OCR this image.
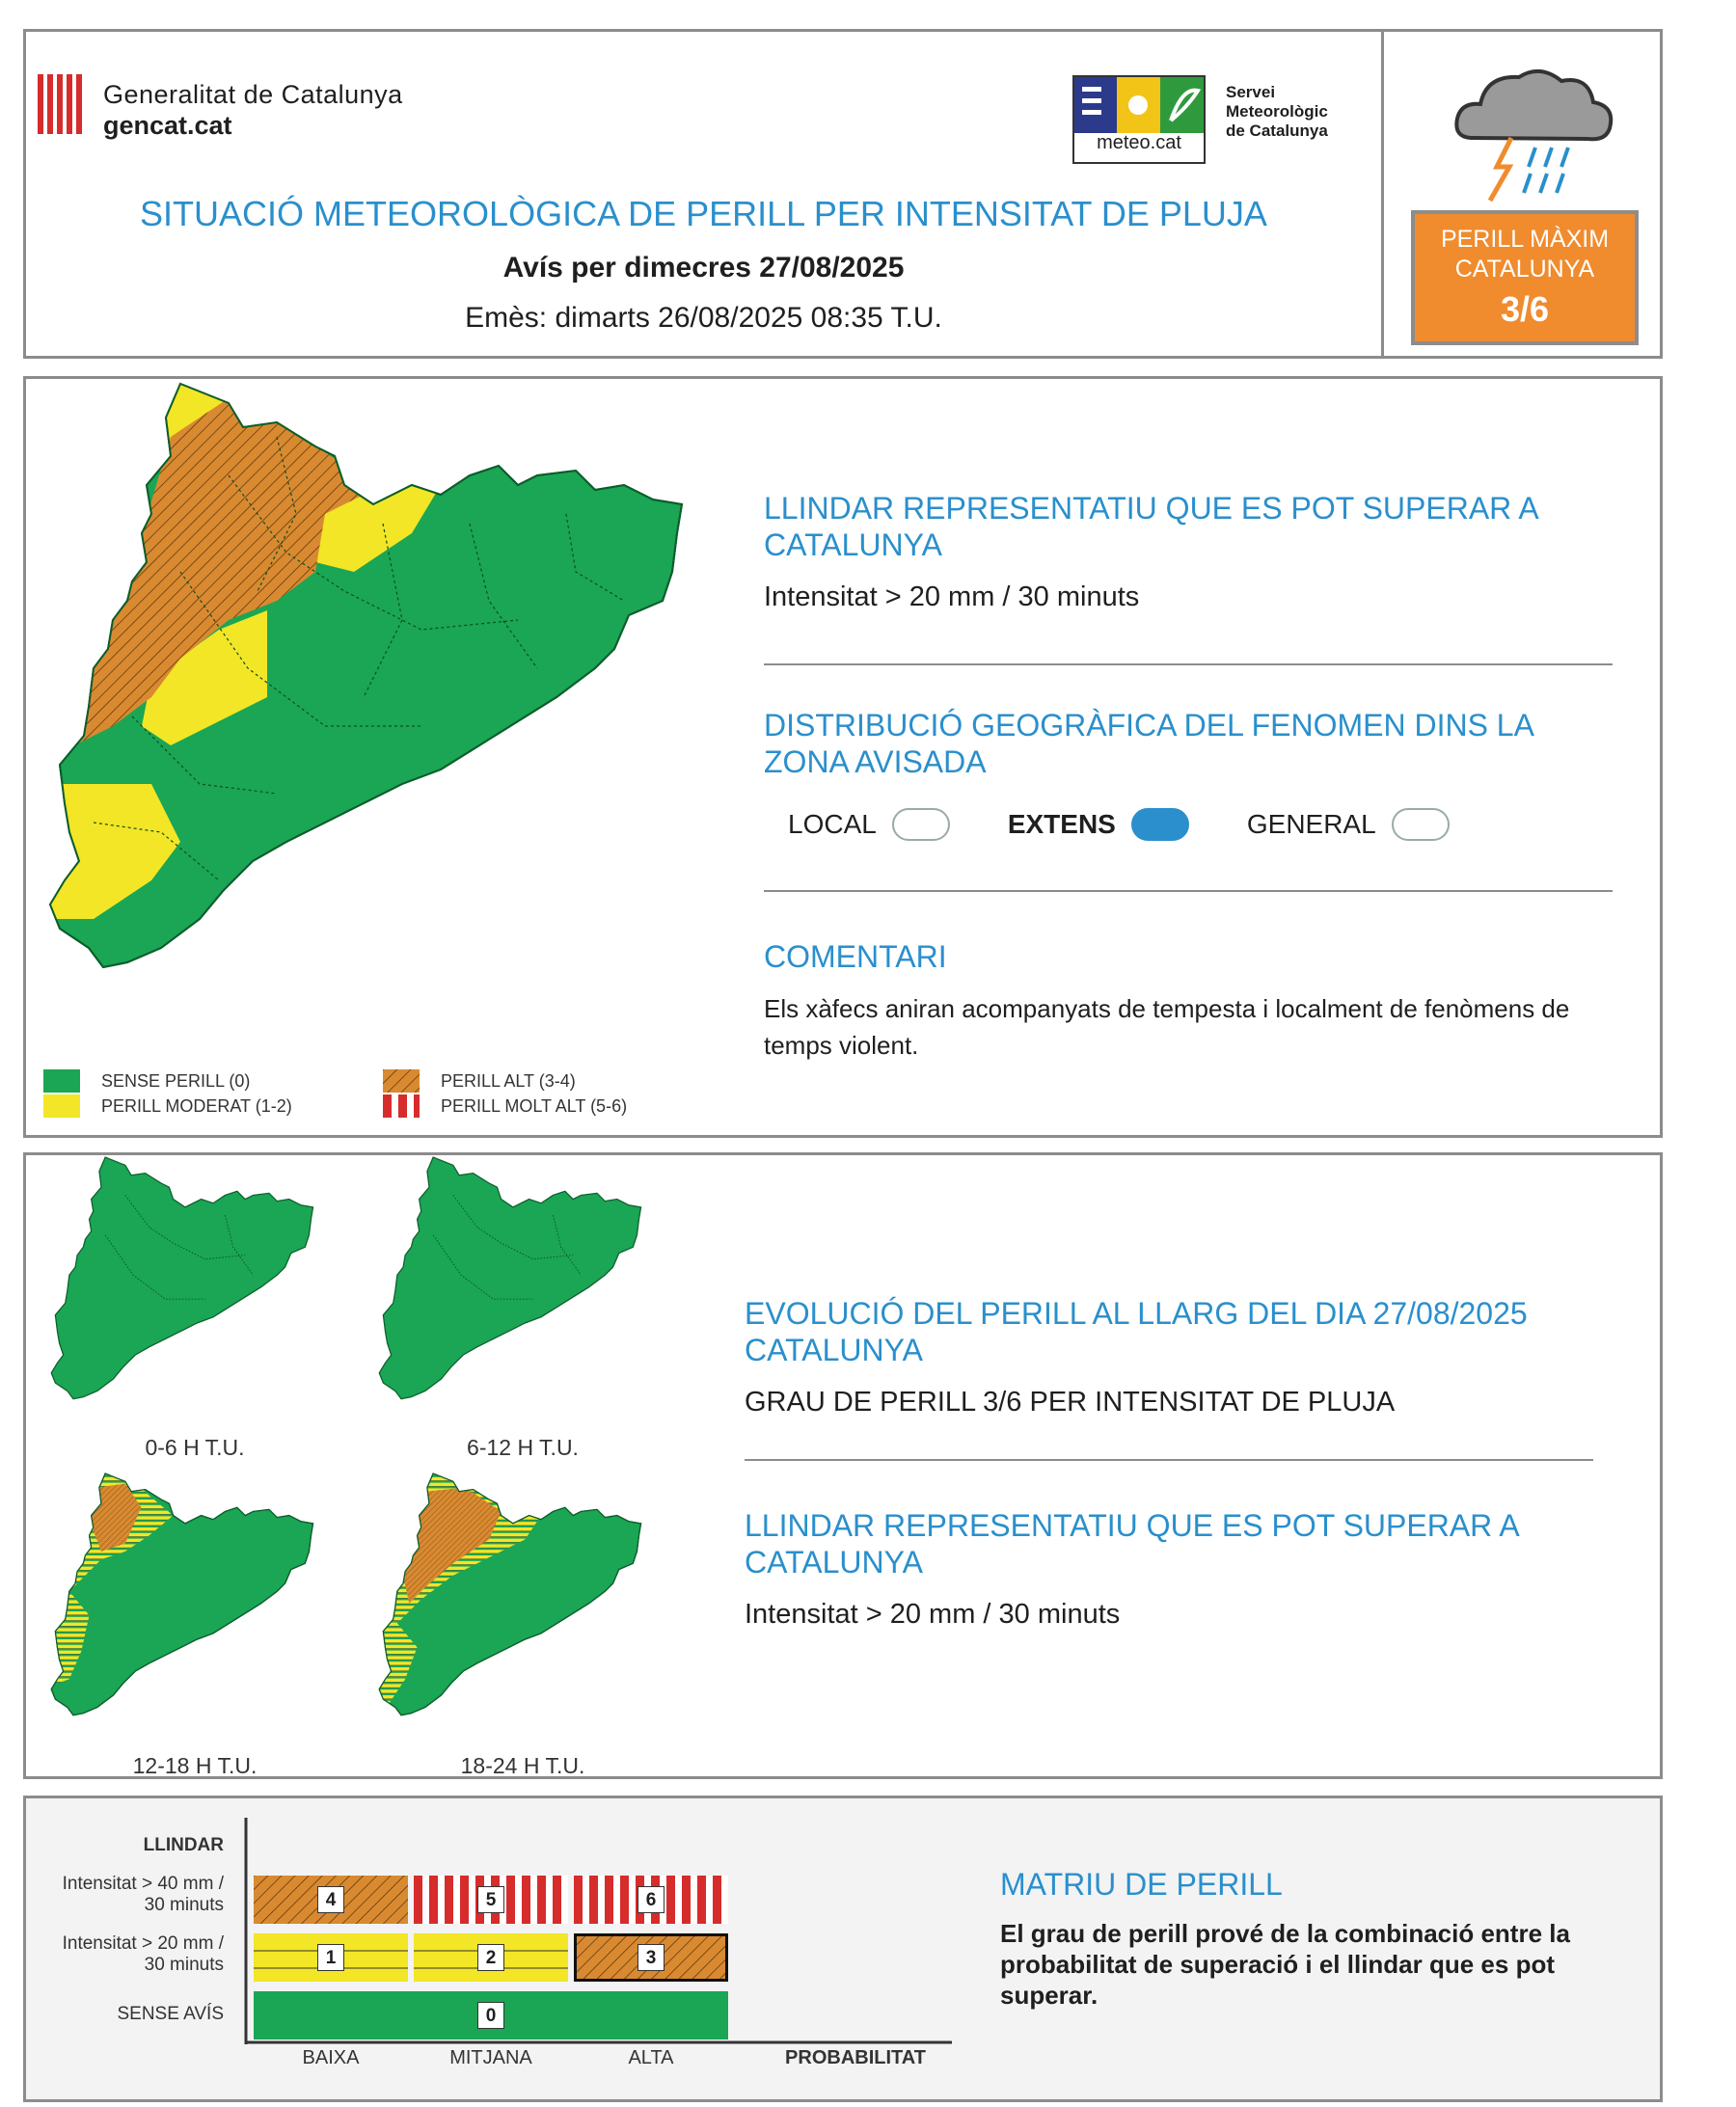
Generalitat de Catalunya
gencat.cat
meteo.cat
Servei
Meteorològic
de Catalunya
SITUACIÓ METEOROLÒGICA DE PERILL PER INTENSITAT DE PLUJA
Avís per dimecres 27/08/2025
Emès: dimarts 26/08/2025 08:35 T.U.
PERILL MÀXIM
CATALUNYA
3/6
SENSE PERILL (0)
PERILL MODERAT (1-2)
PERILL ALT (3-4)
PERILL MOLT ALT (5-6)
LLINDAR REPRESENTATIU QUE ES POT SUPERAR A CATALUNYA

Intensitat > 20 mm / 30 minuts

DISTRIBUCIÓ GEOGRÀFICA DEL FENOMEN DINS LA ZONA AVISADA
LOCAL	EXTENS	GENERAL
COMENTARI

Els xàfecs aniran acompanyats de tempesta i localment de fenòmens de temps violent.

0-6 H T.U.	6-12 H T.U.
12-18 H T.U.	18-24 H T.U.
EVOLUCIÓ DEL PERILL AL LLARG DEL DIA 27/08/2025 CATALUNYA

GRAU DE PERILL 3/6 PER INTENSITAT DE PLUJA

LLINDAR REPRESENTATIU QUE ES POT SUPERAR A CATALUNYA

Intensitat > 20 mm / 30 minuts

LLINDAR
Intensitat > 40 mm / 30 minuts
Intensitat > 20 mm / 30 minuts
SENSE AVÍS
4	5	6
1	2	3
0
BAIXA	MITJANA	ALTA	PROBABILITAT
MATRIU DE PERILL

El grau de perill prové de la combinació entre la probabilitat de superació i el llindar que es pot superar.
